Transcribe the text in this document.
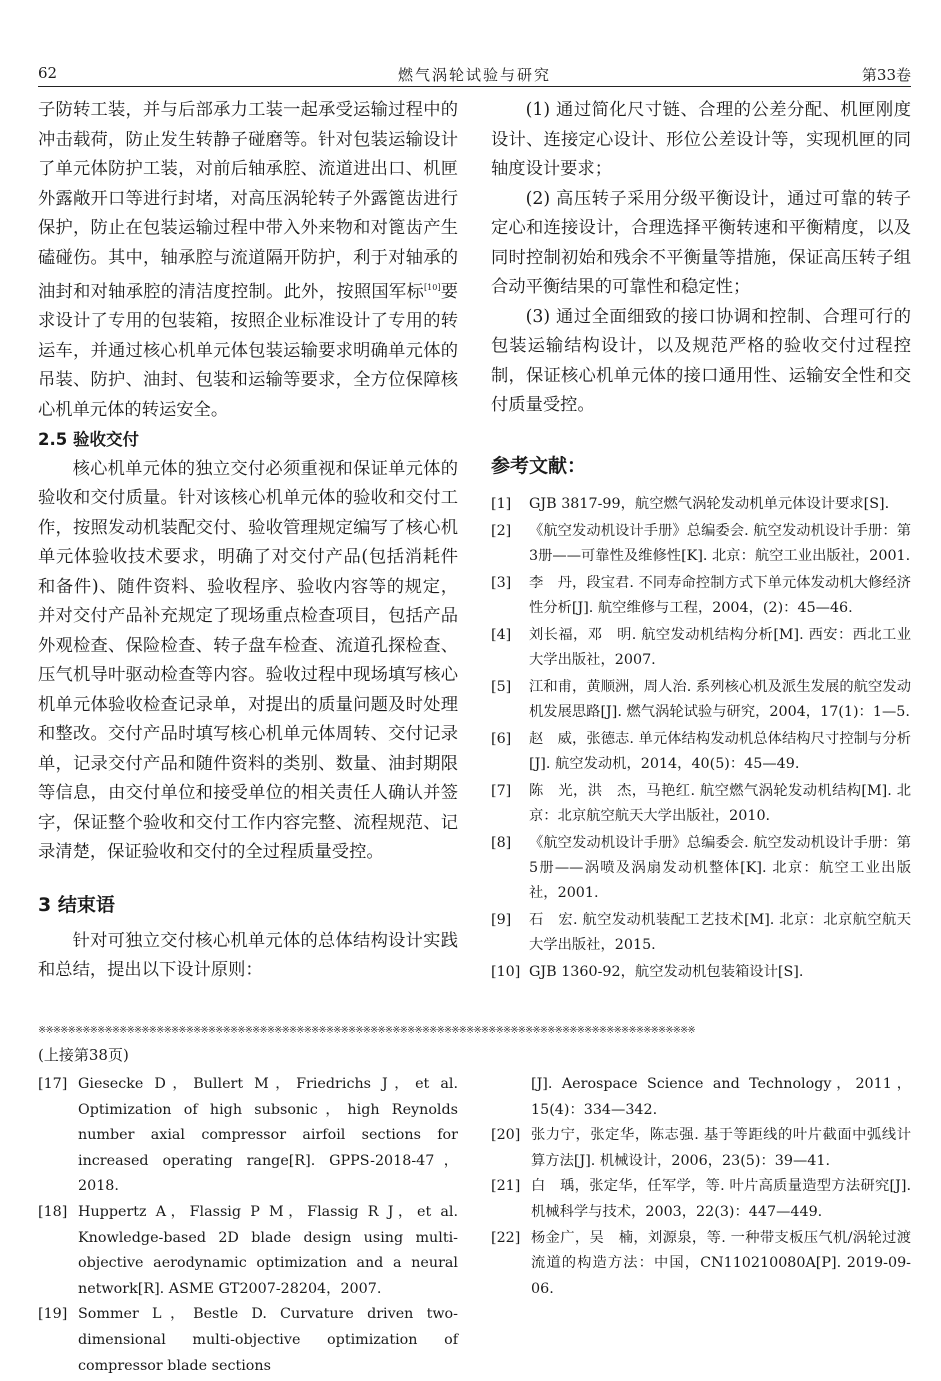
62	燃气涡轮试验与研究	第33卷

子防转工装，并与后部承力工装一起承受运输过程中的冲击载荷，防止发生转静子碰磨等。针对包装运输设计了单元体防护工装，对前后轴承腔、流道进出口、机匣外露敞开口等进行封堵，对高压涡轮转子外露篦齿进行保护，防止在包装运输过程中带入外来物和对篦齿产生磕碰伤。其中，轴承腔与流道隔开防护，利于对轴承的油封和对轴承腔的清洁度控制。此外，按照国军标[10]要求设计了专用的包装箱，按照企业标准设计了专用的转运车，并通过核心机单元体包装运输要求明确单元体的吊装、防护、油封、包装和运输等要求，全方位保障核心机单元体的转运安全。

2.5 验收交付

核心机单元体的独立交付必须重视和保证单元体的验收和交付质量。针对该核心机单元体的验收和交付工作，按照发动机装配交付、验收管理规定编写了核心机单元体验收技术要求，明确了对交付产品(包括消耗件和备件)、随件资料、验收程序、验收内容等的规定，并对交付产品补充规定了现场重点检查项目，包括产品外观检查、保险检查、转子盘车检查、流道孔探检查、压气机导叶驱动检查等内容。验收过程中现场填写核心机单元体验收检查记录单，对提出的质量问题及时处理和整改。交付产品时填写核心机单元体周转、交付记录单，记录交付产品和随件资料的类别、数量、油封期限等信息，由交付单位和接受单位的相关责任人确认并签字，保证整个验收和交付工作内容完整、流程规范、记录清楚，保证验收和交付的全过程质量受控。

3 结束语

针对可独立交付核心机单元体的总体结构设计实践和总结，提出以下设计原则：

(1) 通过简化尺寸链、合理的公差分配、机匣刚度设计、连接定心设计、形位公差设计等，实现机匣的同轴度设计要求；

(2) 高压转子采用分级平衡设计，通过可靠的转子定心和连接设计，合理选择平衡转速和平衡精度，以及同时控制初始和残余不平衡量等措施，保证高压转子组合动平衡结果的可靠性和稳定性；

(3) 通过全面细致的接口协调和控制、合理可行的包装运输结构设计，以及规范严格的验收交付过程控制，保证核心机单元体的接口通用性、运输安全性和交付质量受控。

参考文献：

[1]	GJB 3817-99，航空燃气涡轮发动机单元体设计要求[S].
[2]	《航空发动机设计手册》总编委会. 航空发动机设计手册：第3册——可靠性及维修性[K]. 北京：航空工业出版社，2001.
[3]	李　丹，段宝君. 不同寿命控制方式下单元体发动机大修经济性分析[J]. 航空维修与工程，2004，(2)：45—46.
[4]	刘长福，邓　明. 航空发动机结构分析[M]. 西安：西北工业大学出版社，2007.
[5]	江和甫，黄顺洲，周人治. 系列核心机及派生发展的航空发动机发展思路[J]. 燃气涡轮试验与研究，2004，17(1)：1—5.
[6]	赵　威，张德志. 单元体结构发动机总体结构尺寸控制与分析[J]. 航空发动机，2014，40(5)：45—49.
[7]	陈　光，洪　杰，马艳红. 航空燃气涡轮发动机结构[M]. 北京：北京航空航天大学出版社，2010.
[8]	《航空发动机设计手册》总编委会. 航空发动机设计手册：第5册——涡喷及涡扇发动机整体[K]. 北京：航空工业出版社，2001.
[9]	石　宏. 航空发动机装配工艺技术[M]. 北京：北京航空航天大学出版社，2015.
[10] GJB 1360-92，航空发动机包装箱设计[S].
※※※※※※※※※※※※※※※※※※※※※※※※※※※※※※※※※※※※※※※※※※※※※※※※※※※※※※※※※※※※※※※※※※※※※※※※※※※※※※※※※※※※※※※※※
(上接第38页)
[17] Giesecke D，Bullert M，Friedrichs J，et al. Optimization of high subsonic，high Reynolds number axial compressor airfoil sections for increased operating range[R]. GPPS-2018-47，2018.
[18] Huppertz A，Flassig P M，Flassig R J，et al. Knowledge-based 2D blade design using multi-objective aerodynamic optimization and a neural network[R]. ASME GT2007-28204，2007.
[19] Sommer L，Bestle D. Curvature driven two-dimensional multi-objective optimization of compressor blade sections
[J]. Aerospace Science and Technology，2011，15(4)：334—342.
[20] 张力宁，张定华，陈志强. 基于等距线的叶片截面中弧线计算方法[J]. 机械设计，2006，23(5)：39—41.
[21] 白　瑀，张定华，任军学，等. 叶片高质量造型方法研究[J]. 机械科学与技术，2003，22(3)：447—449.
[22] 杨金广，吴　楠，刘源泉，等. 一种带支板压气机/涡轮过渡流道的构造方法：中国，CN110210080A[P]. 2019-09-06.
